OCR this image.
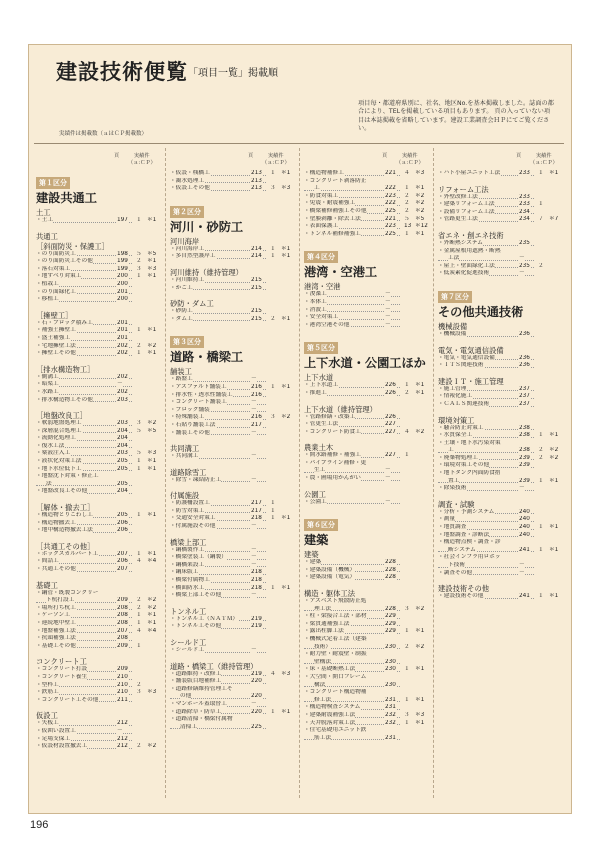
建設技術便覧 「項目一覧」掲載順
項目毎・都道府県別に、社名、地区No.を基本掲載しました。誌面の都合により、TELを掲載している項目もあります。 頁の入っていない項目は本誌掲載を省略しています。建設工業調査会ＨＰにてご覧ください。
実績件は掲載数（ａはＣＰ掲載数）
頁	実績件
（ａ:ＣＰ）
第１区分
建設共通工
土工
・土工	197 １ ＊1
共通工
［斜面防災・保護工］
・のり面防災工	198 ５ ＊5
・のり面防災工その他	199 ２ ＊1
・落石対策工	199 ３ ＊3
・地すべり対策工	200 １ ＊1
・植栽工	200
・のり面緑化工	201
・移植工	200
［擁壁工］
・石・ブロック積み工	201
・補強土擁壁工	201 １ ＊1
・盛土補強工	201
・宅地擁壁工法	202 ２ ＊2
・擁壁工その他	202 １ ＊1
［排水構造物工］
・側溝工	202
・暗渠工	－
・水路工	202
・排水構造物工その他	203
［地盤改良工］
・軟弱地盤処理工	203 ３ ＊2
・深層混合処理工	204 ５ ＊5
・流動化処理工	204
・復水工法	204
・薬液注入工	203 ５ ＊3
・液状化対策工法	205 １ ＊1
・地下水位低下工	205 １ ＊1
・地盤沈下対策・修正工
法	205
・地盤改良工その他	204
［解体・撤去工］
・構造物とりこわし工	205 １ ＊1
・構造物撤去工	206
・地中構造物撤去工法	206
［共通工その他］
・ボックスカルバート工	207 １ ＊1
・間詰工	206 ４ ＊4
・共通工その他	207
基礎工
・鋼管・既製コンクリー
ト杭打設工	209 ２ ＊2
・場所打ち杭工	208 ２ ＊2
・ケーソン工	208 １ ＊1
・連続地中壁工	208 １ ＊1
・地盤補強工法	207 ４ ＊4
・抗頭補強工法	208
・基礎工その他	209 １
コンクリート工
・コンクリート打設	209
・コンクリート養生	210
・型枠工	210 ２
・鉄筋工	210 ３ ＊3
・コンクリート工その他	211
仮設工
・矢板工	212
・仮囲い設置工	－
・足場支保工	212
・仮設材設置撤去工	212 ２ ＊2
頁	実績件
（ａ:ＣＰ）
・仮設・桟橋工	213 １ ＊1
・濁水処理工	213
・仮設工その他	213 ３ ＊3
第２区分
河川・砂防工
河川海岸
・河川海岸工	214 １ ＊1
・多自然型護岸工	214 １ ＊1
河川維持（維持管理）
・河川維持工	215
・かご工	215
砂防・ダム工
・砂防工	215
・ダム工	215 ２ ＊1
第３区分
道路・橋梁工
舗装工
・路盤工	－
・アスファルト舗装工	216 １ ＊1
・排水性・透水性舗装工	216
・コンクリート舗装工	－
・ブロック舗装	－
・特殊舗装工	216 ３ ＊2
・石貼り舗装工法	217
・舗装工その他	－
共同溝工
・共同溝工	－
道路除雪工
・除雪・凍結防止工	－
付属施設
・防護柵設置工	217 １
・防雪対策工	217 １
・交通安全対策工	218 １ ＊1
・付属施設その他	－
橋梁上部工
・鋼橋製作工	－
・橋梁塗装工（鋼製）	－
・鋼橋架設工	－
・鋼床版工	218
・橋梁付属物工	218
・橋面防水工	218 １ ＊1
・橋梁上部工その他	－
トンネル工
・トンネル工（ＮＡＴＭ） 219
・トンネル工その他	219
シールド工
・シールド工	－
道路・橋梁工（維持管理）
・道路維持・改修工	219 ４ ＊3
・舗装版目地補修工	220
・道路修繕維持管理工そ
の他	220
・マンホール蓋取替工	－
・道路除草・防草工	220 １ ＊1
・道路清掃・橋梁付属物
清掃工	225
頁	実績件
（ａ:ＣＰ）
・構造物補修工	221 ４ ＊3
・コンクリート剥落防止
工	222 １ ＊1
・防食対策工	223 ２ ＊2
・免震・耐震補強工	222 ２ ＊2
・橋梁補修補強工その他	225 ２ ＊2
・塗膜剥離・除去工法	221 ５ ＊5
・表面保護工	223 13 ＊12
・トンネル補修補強工	225 １ ＊1
第４区分
港湾・空港工
港湾・空港
・浚渫工	－
・本体工	－
・消波工	－
・安全対策工	－
・港湾空港その他	－
第５区分
上下水道・公園工ほか
上下水道
・上下水道工	226 １ ＊1
・推進工	226 ２ ＊1
上下水道（維持管理）
・管路修繕・改築工	226
・管更生工法	227
・コンクリート防食工	227 ４ ＊2
農業土木
・開水路補修・補強工	227 １
・パイプライン補修・更
生工	－
・農・圃場用かんがい	－
公園工
・公園工	－
第６区分
建築
建築
・建築	228
・建築設備（機械）	228
・建築設備（電気）	228
構造・躯体工法
・アスベスト飛散防止処
理工法	228 ３ ＊2
・柱・梁接合工法・部材	229
・梁貫通補強工法	229
・露出柱脚工法	229 １ ＊1
・機械式定着工法（建築
技術）	230 ２ ＊2
・耐力壁・耐震壁・制振
壁構法	230
・床・基礎断熱工法	230 １ ＊1
・大空間・開口フレーム
構法	230
・コンクリート構造物補
修工法	231 １ ＊1
・構造物検査システム	231
・建築耐震補強工法	232 ３ ＊3
・天井脱落対策工法	232 １ ＊1
・住宅基礎用ユニット鉄
筋工法	231
頁	実績件
（ａ:ＣＰ）
・ハト小屋ユニット工法	233 １ ＊1
リフォーム工法
・外壁改修工法	233
・建築リフォーム工法	233 １
・設備リフォーム工法	234
・管路更生工法	234 ７ ＊7
省エネ・創エネ技術
・外断熱システム	235
・金属屋根用遮熱・断熱
工法	－
・屋上・壁面緑化工法	235 ２
・低炭素化促進技術	－
第７区分
その他共通技術
機械設備
・機械設備	236
電気・電気通信設備
・電気・電気通信設備	236
・ＩＴＳ関連技術	236
建設ＩＴ・施工管理
・施工管理	237
・情報化施工	237
・ＣＡＬＳ関連技術	237
環境対策工
・騒音防止対策工	238
・水質保全工	238 １ ＊1
・土壌・地下水汚染対策
工	238 ２ ＊2
・廃棄物処理工	239 ２ ＊2
・環境対策工その他	239
・地下タンク内面防食措
置工	239 １ ＊1
・除染技術	－
調査・試験
・分析・予測システム	240
・測量	240
・地質調査	240 １ ＊1
・地盤調査・診断法	240
・構造物点検・調査・診
断システム	241 １ ＊1
・社会インフラ用ロボッ
ト技術	－
・調査その他	－
建設技術その他
・建設技術その他	241 １ ＊1
196
